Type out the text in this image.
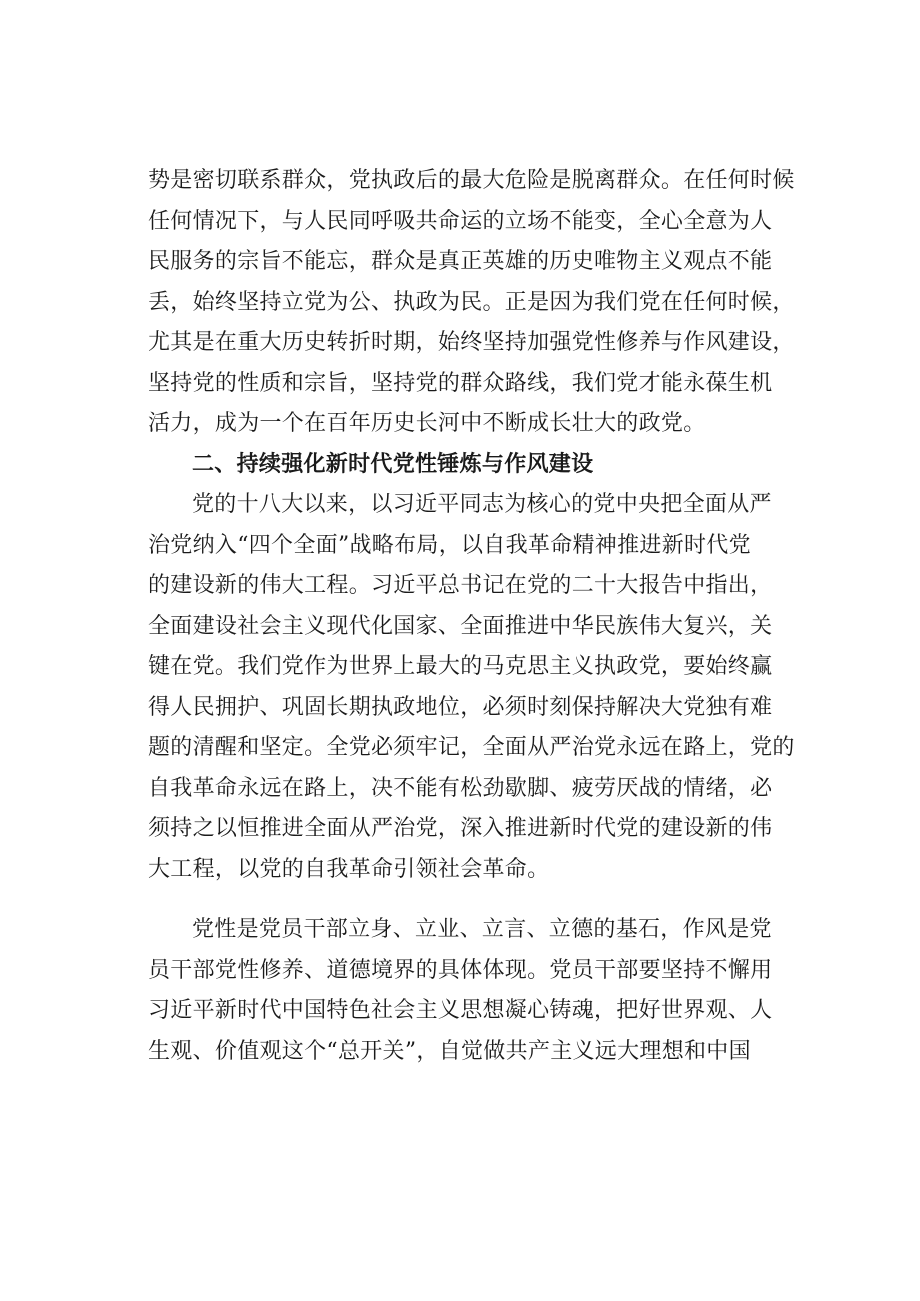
势是密切联系群众，党执政后的最大危险是脱离群众。在任何时候
任何情况下，与人民同呼吸共命运的立场不能变，全心全意为人
民服务的宗旨不能忘，群众是真正英雄的历史唯物主义观点不能
丢，始终坚持立党为公、执政为民。正是因为我们党在任何时候，
尤其是在重大历史转折时期，始终坚持加强党性修养与作风建设，
坚持党的性质和宗旨，坚持党的群众路线，我们党才能永葆生机
活力，成为一个在百年历史长河中不断成长壮大的政党。
二、持续强化新时代党性锤炼与作风建设
党的十八大以来，以习近平同志为核心的党中央把全面从严
治党纳入“四个全面”战略布局，以自我革命精神推进新时代党
的建设新的伟大工程。习近平总书记在党的二十大报告中指出，
全面建设社会主义现代化国家、全面推进中华民族伟大复兴，关
键在党。我们党作为世界上最大的马克思主义执政党，要始终赢
得人民拥护、巩固长期执政地位，必须时刻保持解决大党独有难
题的清醒和坚定。全党必须牢记，全面从严治党永远在路上，党的
自我革命永远在路上，决不能有松劲歇脚、疲劳厌战的情绪，必
须持之以恒推进全面从严治党，深入推进新时代党的建设新的伟
大工程，以党的自我革命引领社会革命。
党性是党员干部立身、立业、立言、立德的基石，作风是党
员干部党性修养、道德境界的具体体现。党员干部要坚持不懈用
习近平新时代中国特色社会主义思想凝心铸魂，把好世界观、人
生观、价值观这个“总开关”，自觉做共产主义远大理想和中国
